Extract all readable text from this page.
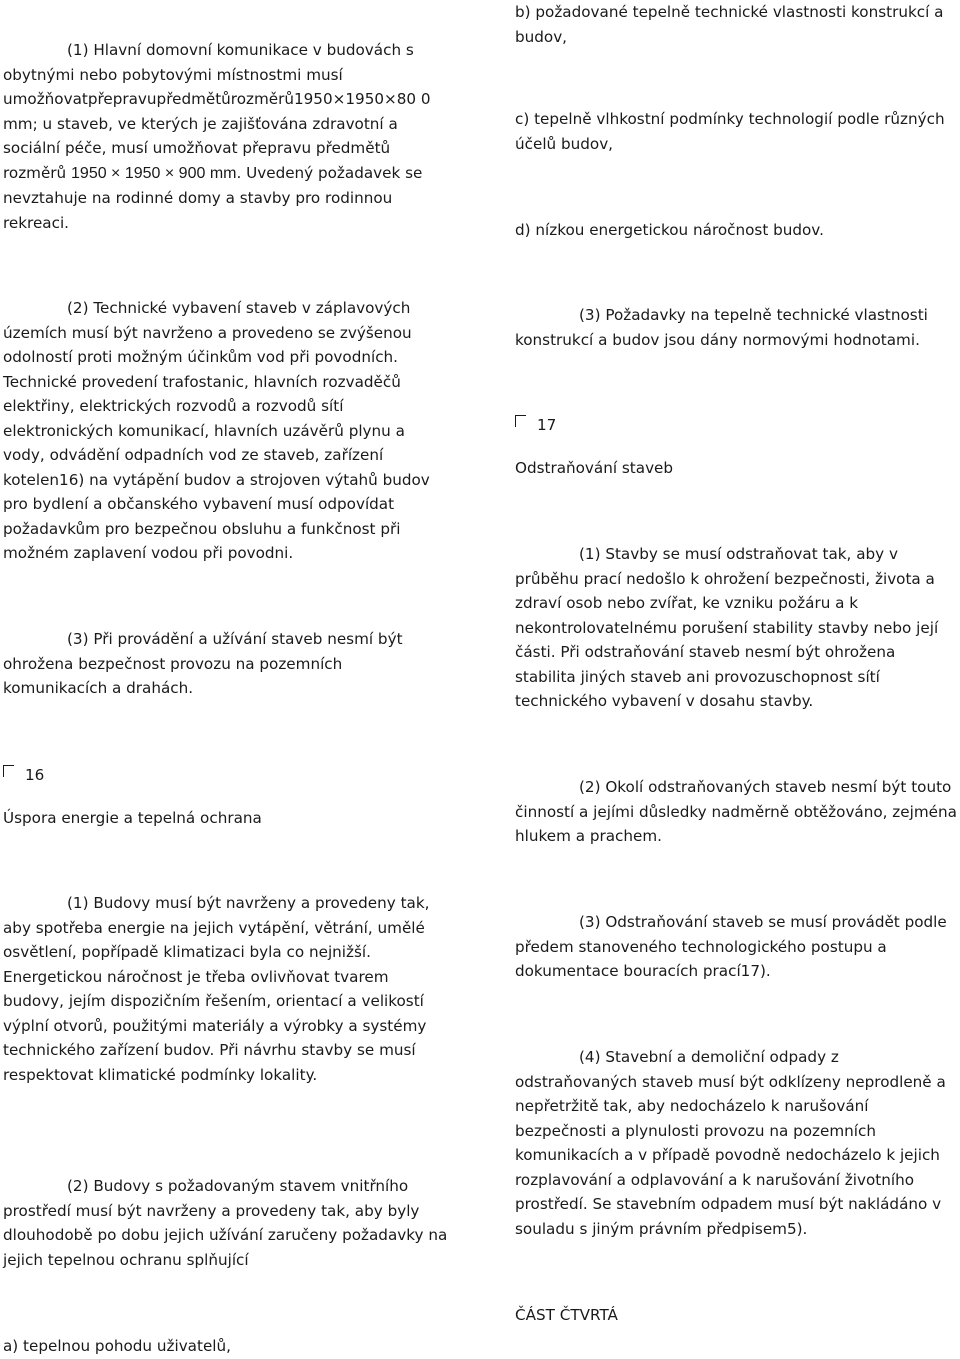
(1) Hlavní domovní komunikace v budovách s obytnými nebo pobytovými místnostmi musí umožňovatpřepravupředmětůrozměrů1950×1950×80 0 mm; u staveb, ve kterých je zajišťována zdravotní a sociální péče, musí umožňovat přepravu předmětů rozměrů 1950 × 1950 × 900 mm. Uvedený požadavek se nevztahuje na rodinné domy a stavby pro rodinnou rekreaci.

(2) Technické vybavení staveb v záplavových územích musí být navrženo a provedeno se zvýšenou odolností proti možným účinkům vod při povodních. Technické provedení trafostanic, hlavních rozvaděčů elektřiny, elektrických rozvodů a rozvodů sítí elektronických komunikací, hlavních uzávěrů plynu a vody, odvádění odpadních vod ze staveb, zařízení kotelen16) na vytápění budov a strojoven výtahů budov pro bydlení a občanského vybavení musí odpovídat požadavkům pro bezpečnou obsluhu a funkčnost při možném zaplavení vodou při povodni.

(3) Při provádění a užívání staveb nesmí být ohrožena bezpečnost provozu na pozemních komunikacích a drahách.

16

Úspora energie a tepelná ochrana

(1) Budovy musí být navrženy a provedeny tak, aby spotřeba energie na jejich vytápění, větrání, umělé osvětlení, popřípadě klimatizaci byla co nejnižší. Energetickou náročnost je třeba ovlivňovat tvarem budovy, jejím dispozičním řešením, orientací a velikostí výplní otvorů, použitými materiály a výrobky a systémy technického zařízení budov. Při návrhu stavby se musí respektovat klimatické podmínky lokality.

(2) Budovy s požadovaným stavem vnitřního prostředí musí být navrženy a provedeny tak, aby byly dlouhodobě po dobu jejich užívání zaručeny požadavky na jejich tepelnou ochranu splňující

a) tepelnou pohodu uživatelů,

b) požadované tepelně technické vlastnosti konstrukcí a budov,

c) tepelně vlhkostní podmínky technologií podle různých účelů budov,

d) nízkou energetickou náročnost budov.

(3) Požadavky na tepelně technické vlastnosti konstrukcí a budov jsou dány normovými hodnotami.

17

Odstraňování staveb

(1) Stavby se musí odstraňovat tak, aby v průběhu prací nedošlo k ohrožení bezpečnosti, života a zdraví osob nebo zvířat, ke vzniku požáru a k nekontrolovatelnému porušení stability stavby nebo její části. Při odstraňování staveb nesmí být ohrožena stabilita jiných staveb ani provozuschopnost sítí technického vybavení v dosahu stavby.

(2) Okolí odstraňovaných staveb nesmí být touto činností a jejími důsledky nadměrně obtěžováno, zejména hlukem a prachem.

(3) Odstraňování staveb se musí provádět podle předem stanoveného technologického postupu a dokumentace bouracích prací17).

(4) Stavební a demoliční odpady z odstraňovaných staveb musí být odklízeny neprodleně a nepřetržitě tak, aby nedocházelo k narušování bezpečnosti a plynulosti provozu na pozemních komunikacích a v případě povodně nedocházelo k jejich rozplavování a odplavování a k narušování životního prostředí. Se stavebním odpadem musí být nakládáno v souladu s jiným právním předpisem5).

ČÁST ČTVRTÁ
